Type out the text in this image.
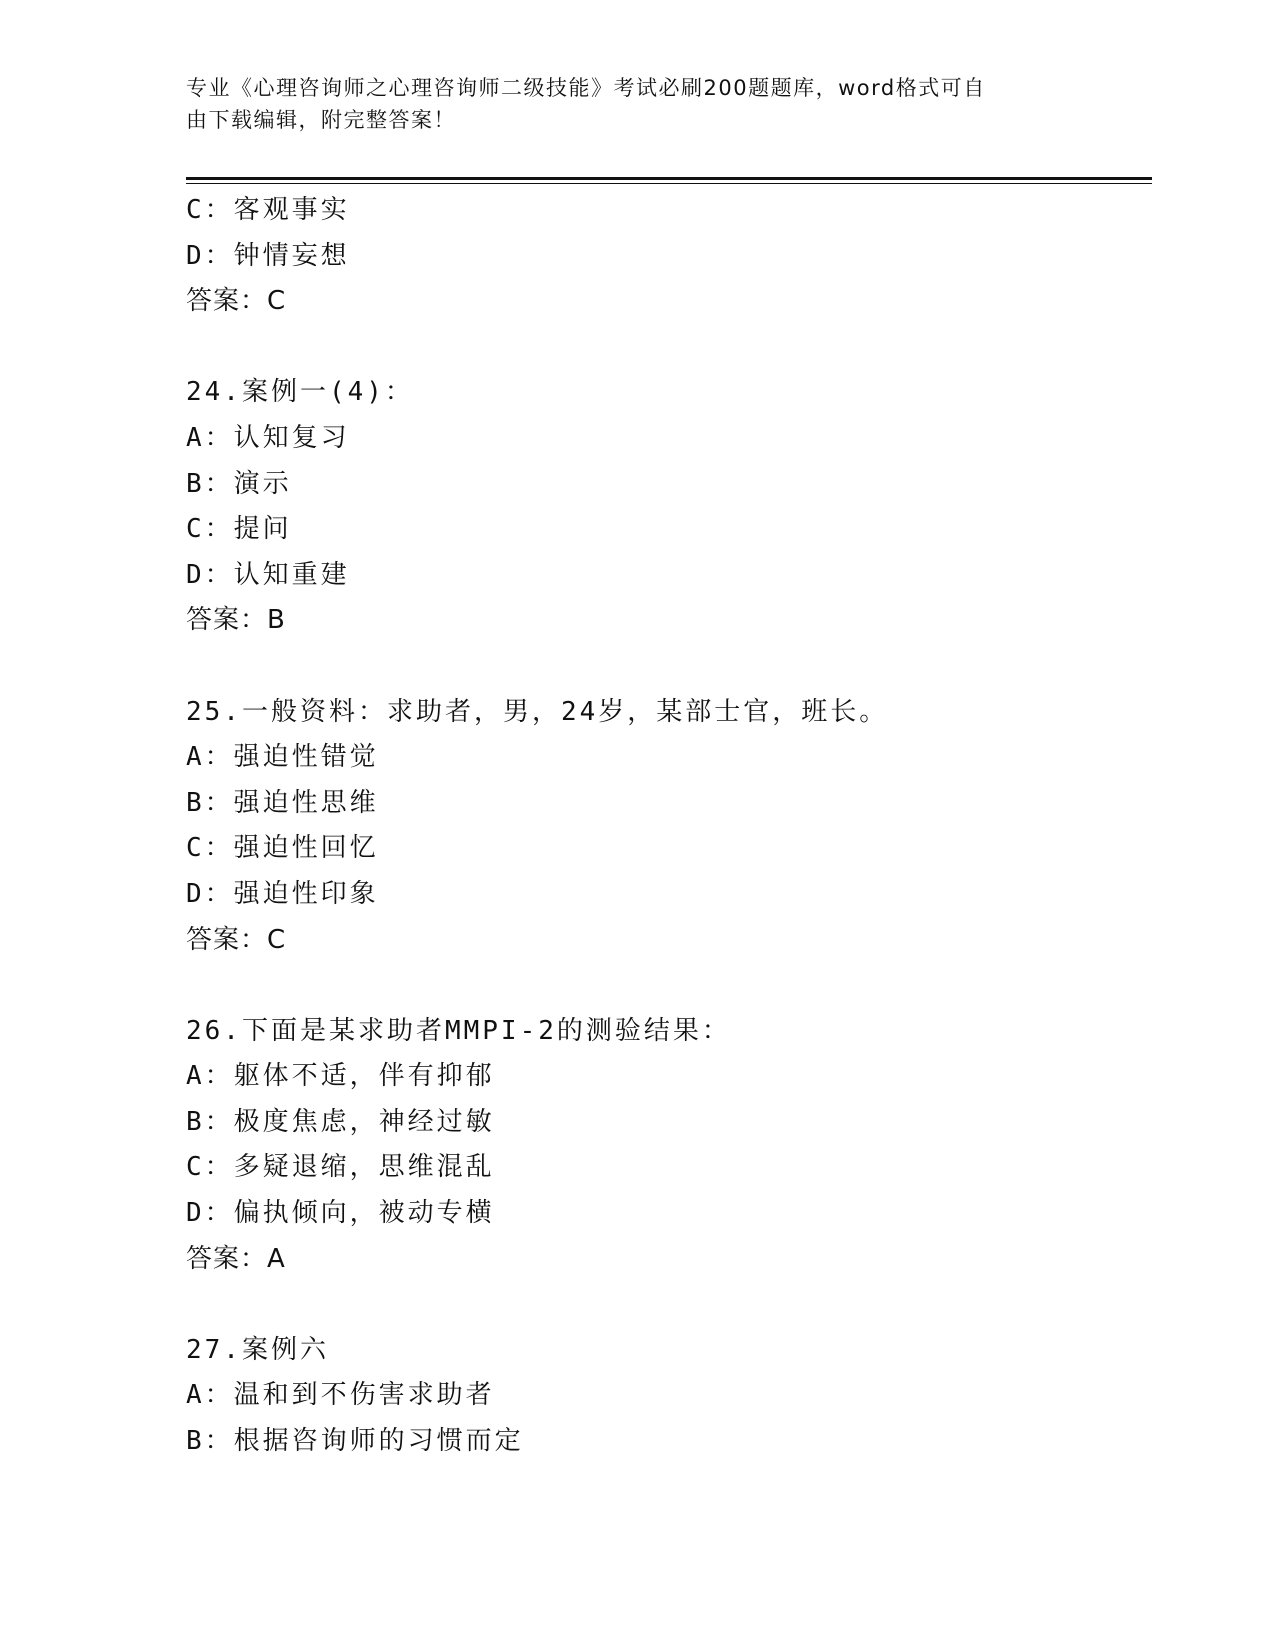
专业《心理咨询师之心理咨询师二级技能》考试必刷200题题库，word格式可自
由下载编辑，附完整答案！
C：客观事实
D：钟情妄想
答案：C
24.案例一(4)：
A：认知复习
B：演示
C：提问
D：认知重建
答案：B
25.一般资料：求助者，男，24岁，某部士官，班长。
A：强迫性错觉
B：强迫性思维
C：强迫性回忆
D：强迫性印象
答案：C
26.下面是某求助者MMPI-2的测验结果：
A：躯体不适，伴有抑郁
B：极度焦虑，神经过敏
C：多疑退缩，思维混乱
D：偏执倾向，被动专横
答案：A
27.案例六
A：温和到不伤害求助者
B：根据咨询师的习惯而定
